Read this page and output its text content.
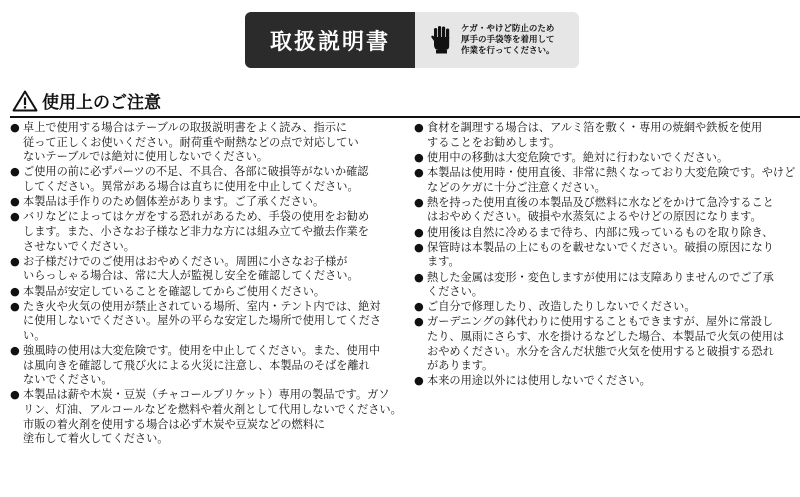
取扱説明書
ケガ・やけど防止のため
厚手の手袋等を着用して
作業を行ってください。
使用上のご注意
● 卓上で使用する場合はテーブルの取扱説明書をよく読み、指示に
従って正しくお使いください。耐荷重や耐熱などの点で対応してい
ないテーブルでは絶対に使用しないでください。
● ご使用の前に必ずパーツの不足、不具合、各部に破損等がないか確認
してください。異常がある場合は直ちに使用を中止してください。
● 本製品は手作りのため個体差があります。ご了承ください。
● バリなどによってはケガをする恐れがあるため、手袋の使用をお勧め
します。また、小さなお子様など非力な方には組み立てや撤去作業を
させないでください。
● お子様だけでのご使用はおやめください。周囲に小さなお子様が
いらっしゃる場合は、常に大人が監視し安全を確認してください。
● 本製品が安定していることを確認してからご使用ください。
● たき火や火気の使用が禁止されている場所、室内・テント内では、絶対
に使用しないでください。屋外の平らな安定した場所で使用してくださ
い。
● 強風時の使用は大変危険です。使用を中止してください。また、使用中
は風向きを確認して飛び火による火災に注意し、本製品のそばを離れ
ないでください。
● 本製品は薪や木炭・豆炭（チャコールブリケット）専用の製品です。ガソ
リン、灯油、アルコールなどを燃料や着火剤として代用しないでください。
市販の着火剤を使用する場合は必ず木炭や豆炭などの燃料に
塗布して着火してください。
● 食材を調理する場合は、アルミ箔を敷く・専用の焼網や鉄板を使用
することをお勧めします。
● 使用中の移動は大変危険です。絶対に行わないでください。
● 本製品は使用時・使用直後、非常に熱くなっており大変危険です。やけど
などのケガに十分ご注意ください。
● 熱を持った使用直後の本製品及び燃料に水などをかけて急冷すること
はおやめください。破損や水蒸気によるやけどの原因になります。
● 使用後は自然に冷めるまで待ち、内部に残っているものを取り除き、
● 保管時は本製品の上にものを載せないでください。破損の原因になり
ます。
● 熱した金属は変形・変色しますが使用には支障ありませんのでご了承
ください。
● ご自分で修理したり、改造したりしないでください。
● ガーデニングの鉢代わりに使用することもできますが、屋外に常設し
たり、風雨にさらす、水を掛けるなどした場合、本製品で火気の使用は
おやめください。水分を含んだ状態で火気を使用すると破損する恐れ
があります。
● 本来の用途以外には使用しないでください。
